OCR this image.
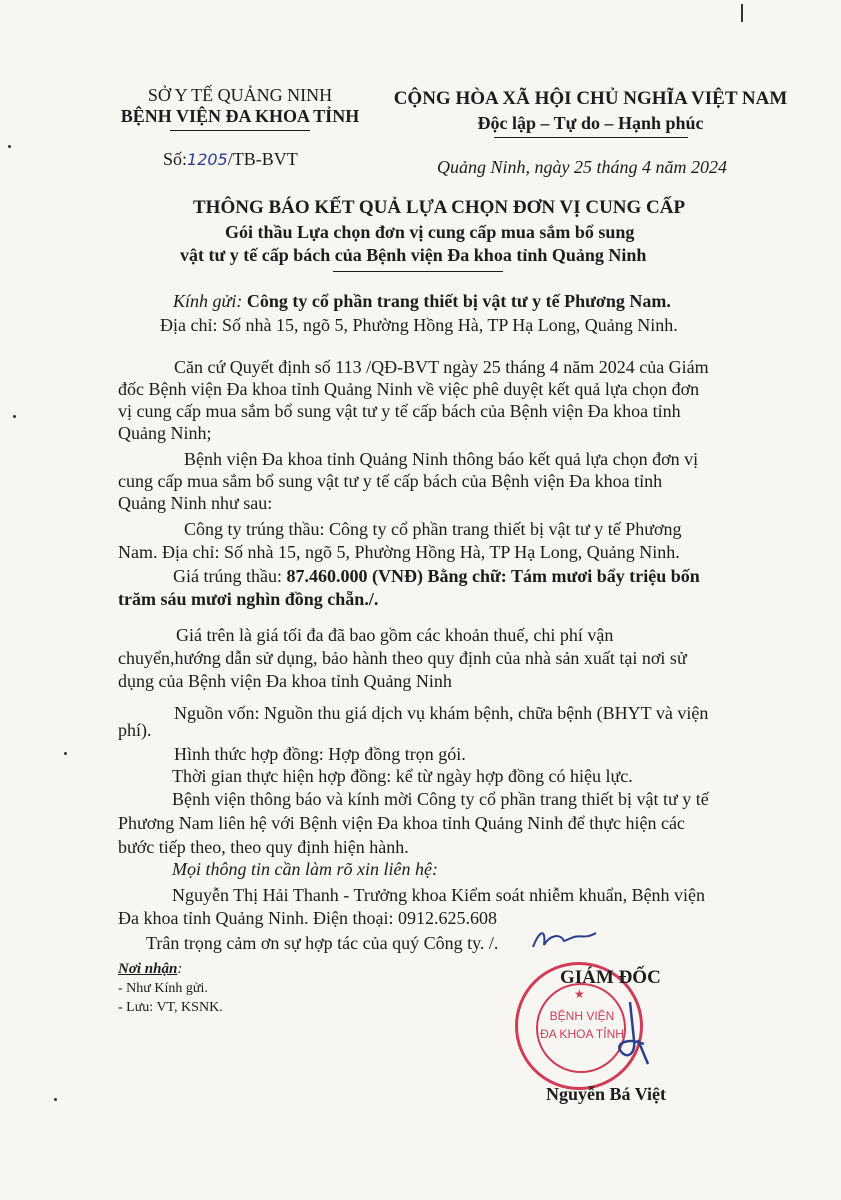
SỞ Y TẾ QUẢNG NINH
BỆNH VIỆN ĐA KHOA TỈNH
CỘNG HÒA XÃ HỘI CHỦ NGHĨA VIỆT NAM
Độc lập – Tự do – Hạnh phúc
Số:1205/TB-BVT	Quảng Ninh, ngày 25 tháng 4 năm 2024
THÔNG BÁO KẾT QUẢ LỰA CHỌN ĐƠN VỊ CUNG CẤP
Gói thầu Lựa chọn đơn vị cung cấp mua sắm bổ sung
vật tư y tế cấp bách của Bệnh viện Đa khoa tỉnh Quảng Ninh
Kính gửi: Công ty cổ phần trang thiết bị vật tư y tế Phương Nam.
Địa chỉ: Số nhà 15, ngõ 5, Phường Hồng Hà, TP Hạ Long, Quảng Ninh.
Căn cứ Quyết định số 113 /QĐ-BVT ngày 25 tháng 4 năm 2024 của Giám
đốc Bệnh viện Đa khoa tỉnh Quảng Ninh về việc phê duyệt kết quả lựa chọn đơn
vị cung cấp mua sắm bổ sung vật tư y tế cấp bách của Bệnh viện Đa khoa tỉnh
Quảng Ninh;
Bệnh viện Đa khoa tỉnh Quảng Ninh thông báo kết quả lựa chọn đơn vị
cung cấp mua sắm bổ sung vật tư y tế cấp bách của Bệnh viện Đa khoa tỉnh
Quảng Ninh như sau:
Công ty trúng thầu: Công ty cổ phần trang thiết bị vật tư y tế Phương
Nam. Địa chỉ: Số nhà 15, ngõ 5, Phường Hồng Hà, TP Hạ Long, Quảng Ninh.
Giá trúng thầu: 87.460.000 (VNĐ) Bằng chữ: Tám mươi bẩy triệu bốn
trăm sáu mươi nghìn đồng chẵn./.
Giá trên là giá tối đa đã bao gồm các khoản thuế, chi phí vận
chuyển,hướng dẫn sử dụng, bảo hành theo quy định của nhà sản xuất tại nơi sử
dụng của Bệnh viện Đa khoa tỉnh Quảng Ninh
Nguồn vốn: Nguồn thu giá dịch vụ khám bệnh, chữa bệnh (BHYT và viện
phí).
Hình thức hợp đồng: Hợp đồng trọn gói.
Thời gian thực hiện hợp đồng: kể từ ngày hợp đồng có hiệu lực.
Bệnh viện thông báo và kính mời Công ty cổ phần trang thiết bị vật tư y tế
Phương Nam liên hệ với Bệnh viện Đa khoa tỉnh Quảng Ninh để thực hiện các
bước tiếp theo, theo quy định hiện hành.
Mọi thông tin cần làm rõ xin liên hệ:
Nguyễn Thị Hải Thanh - Trưởng khoa Kiểm soát nhiễm khuẩn, Bệnh viện
Đa khoa tỉnh Quảng Ninh. Điện thoại: 0912.625.608
Trân trọng cảm ơn sự hợp tác của quý Công ty. /.
Nơi nhận:
- Như Kính gửi.
- Lưu: VT, KSNK.
BỆNH VIỆN
ĐA KHOA TỈNH
★
GIÁM ĐỐC
Nguyễn Bá Việt
